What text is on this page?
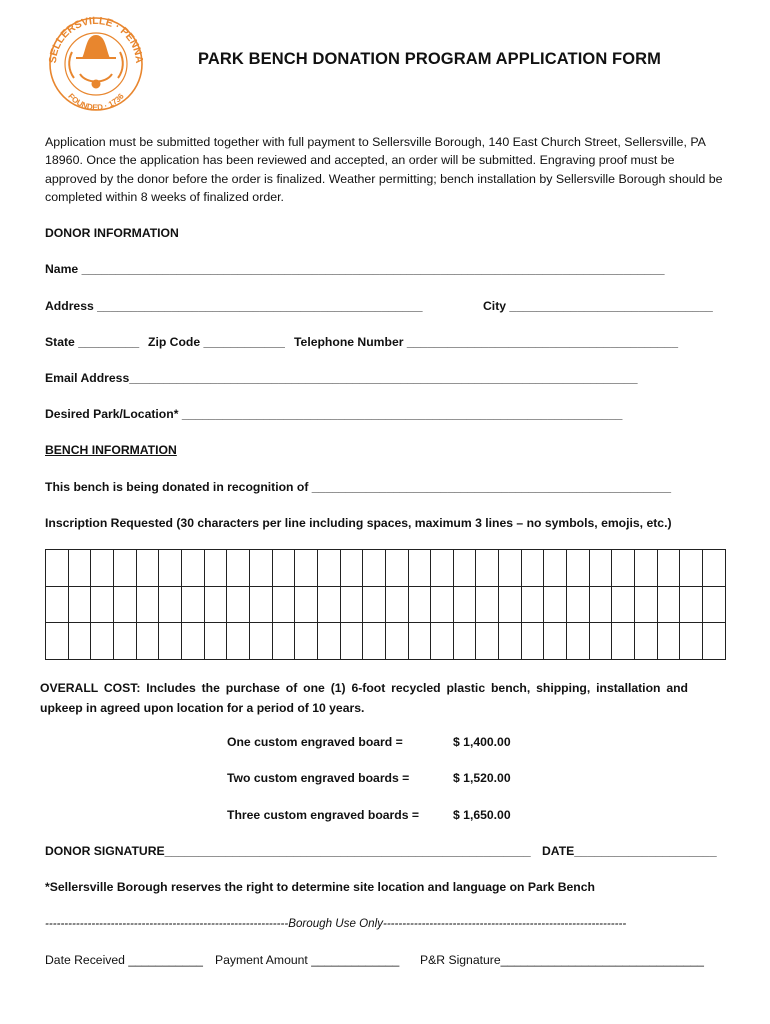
SELLERSVILLE · PENNA
FOUNDED · 1736
PARK BENCH DONATION PROGRAM APPLICATION FORM
Application must be submitted together with full payment to Sellersville Borough, 140 East Church Street, Sellersville, PA 18960. Once the application has been reviewed and accepted, an order will be submitted. Engraving proof must be approved by the donor before the order is finalized. Weather permitting; bench installation by Sellersville Borough should be completed within 8 weeks of finalized order.
DONOR INFORMATION
Name ______________________________________________________________________________________
Address ________________________________________________	City ______________________________
State _________ Zip Code ____________ Telephone Number ________________________________________
Email Address___________________________________________________________________________
Desired Park/Location* _________________________________________________________________
BENCH INFORMATION
This bench is being donated in recognition of _____________________________________________________
Inscription Requested (30 characters per line including spaces, maximum 3 lines – no symbols, emojis, etc.)

OVERALL COST: Includes the purchase of one (1) 6-foot recycled plastic bench, shipping, installation and upkeep in agreed upon location for a period of 10 years.
One custom engraved board =	$ 1,400.00
Two custom engraved boards =	$ 1,520.00
Three custom engraved boards =	$ 1,650.00
DONOR SIGNATURE______________________________________________________ DATE_____________________
*Sellersville Borough reserves the right to determine site location and language on Park Bench
---------------------------------------------------------------Borough Use Only---------------------------------------------------------------
Date Received ___________ Payment Amount _____________ P&R Signature______________________________
